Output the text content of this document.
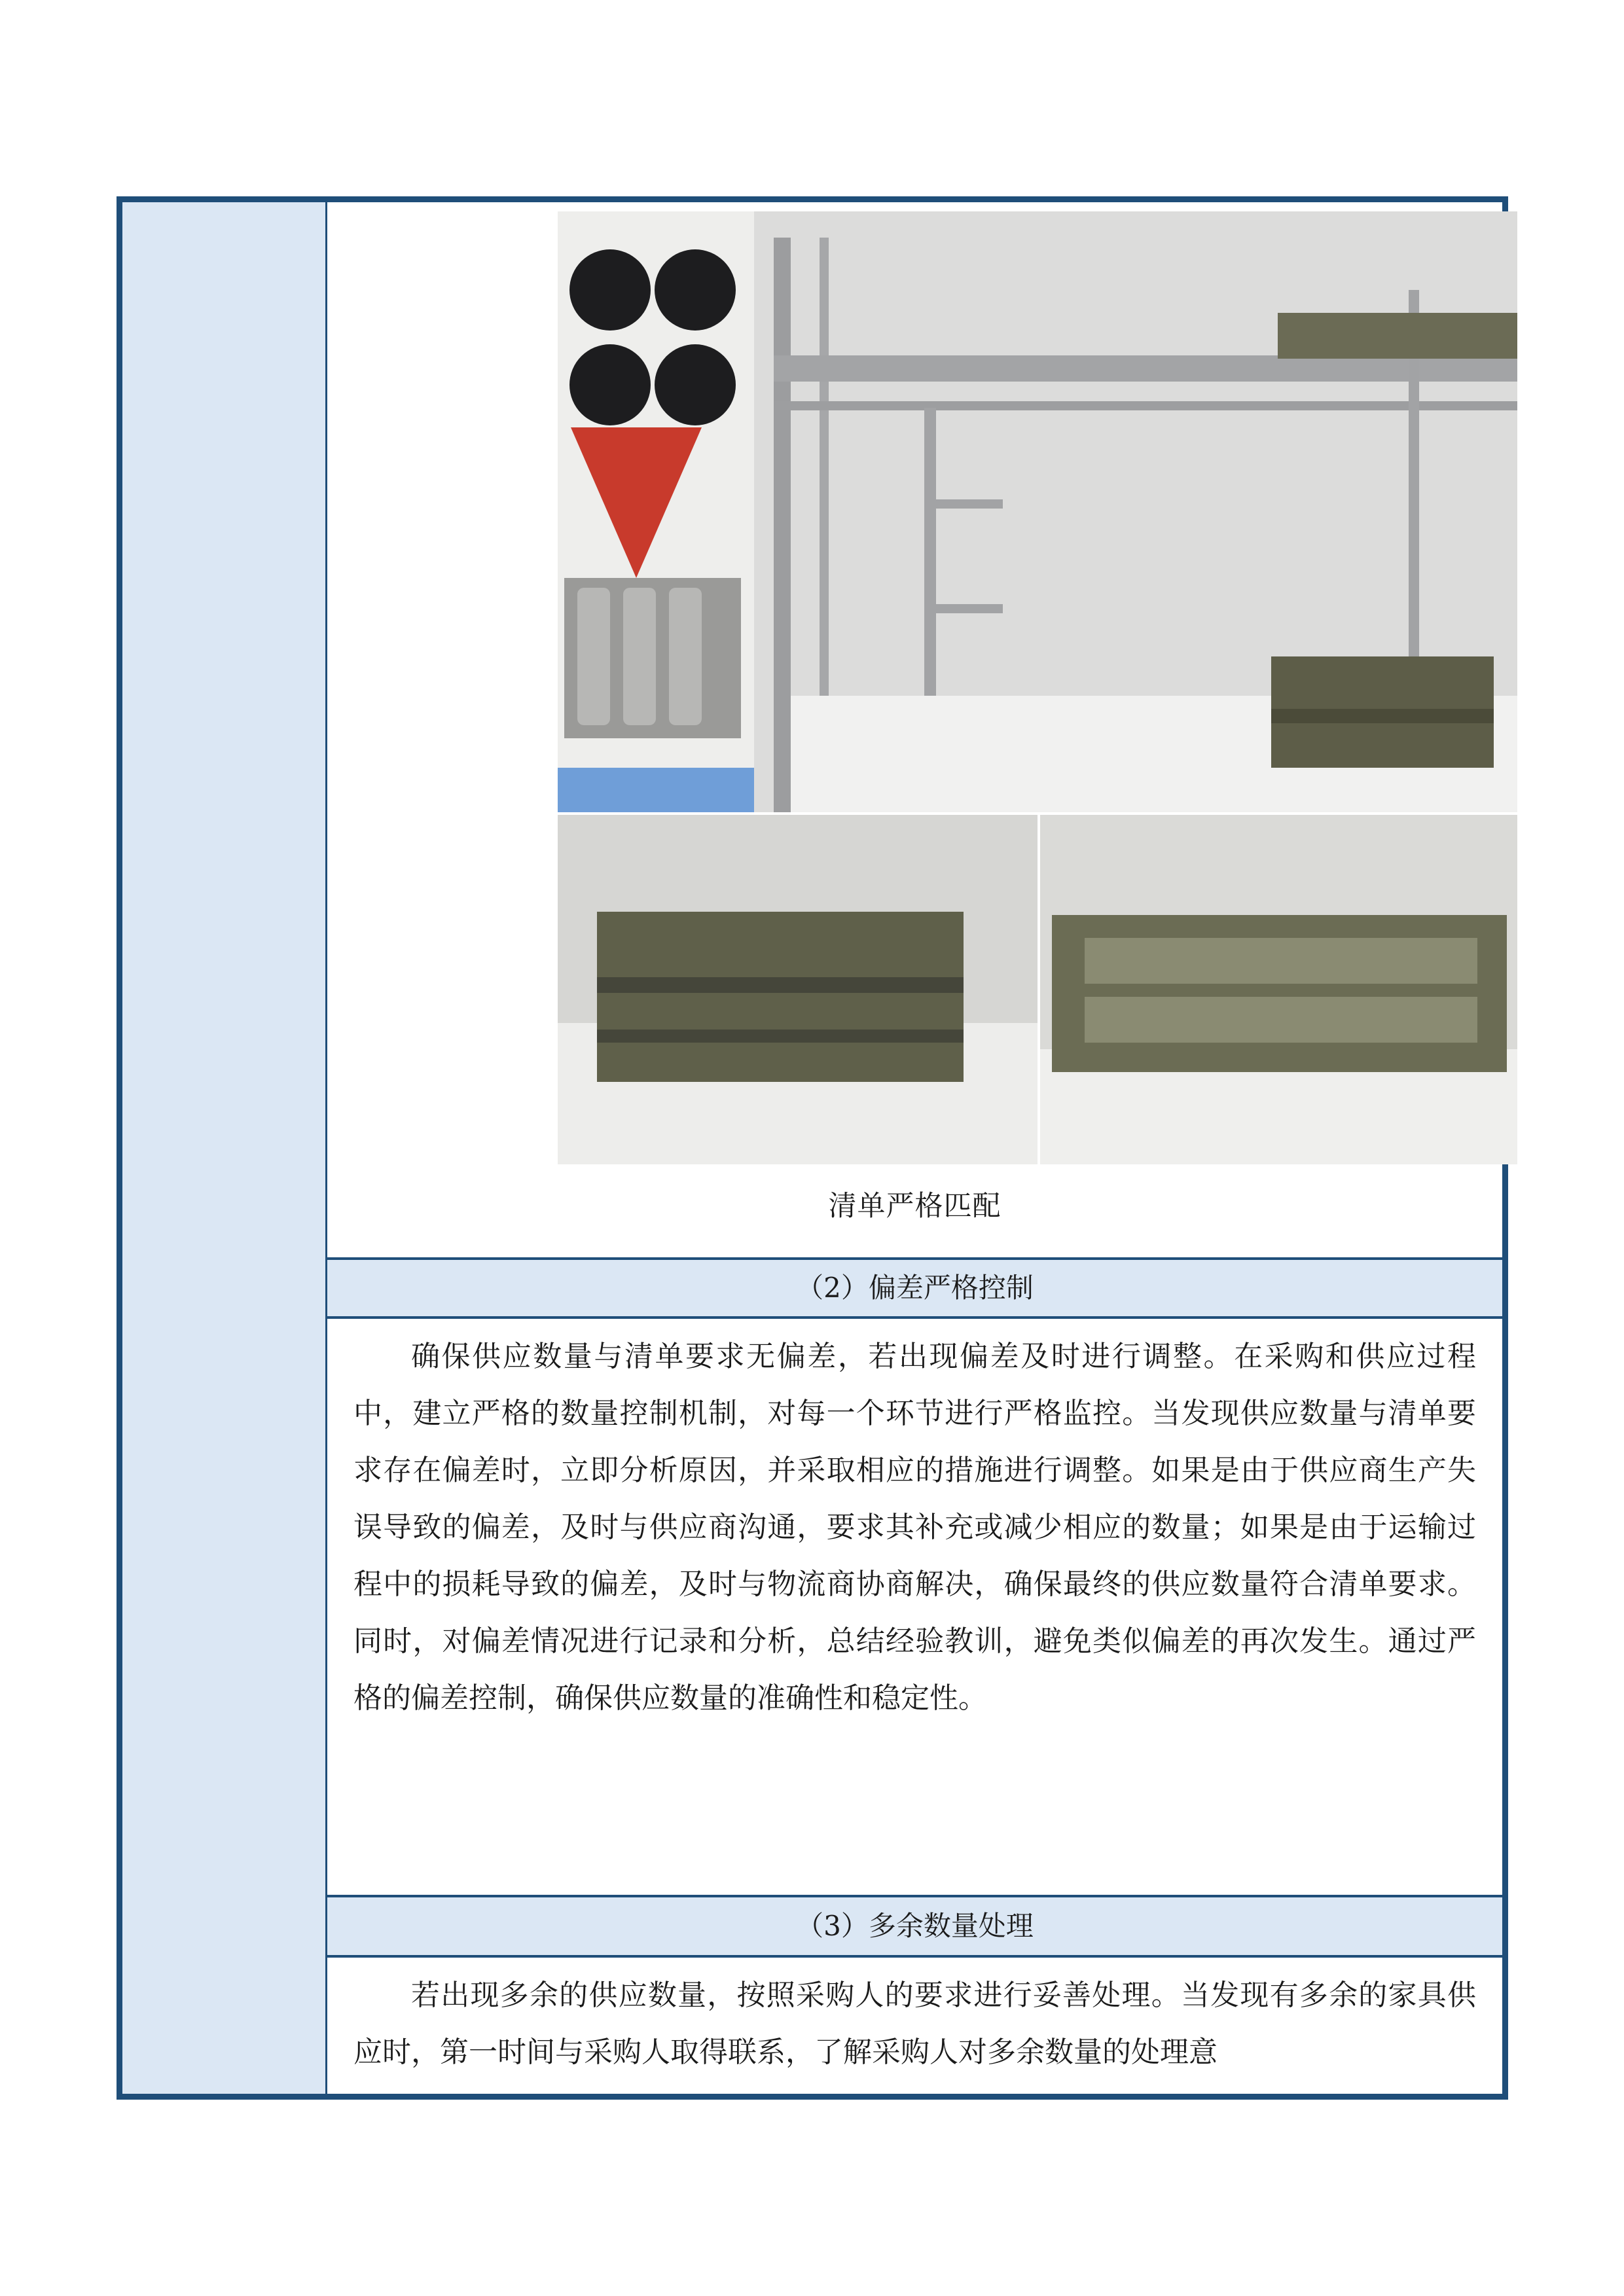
清单严格匹配
（2）偏差严格控制
确保供应数量与清单要求无偏差，若出现偏差及时进行调整。在采购和供应过程中，建立严格的数量控制机制，对每一个环节进行严格监控。当发现供应数量与清单要求存在偏差时，立即分析原因，并采取相应的措施进行调整。如果是由于供应商生产失误导致的偏差，及时与供应商沟通，要求其补充或减少相应的数量；如果是由于运输过程中的损耗导致的偏差，及时与物流商协商解决，确保最终的供应数量符合清单要求。同时，对偏差情况进行记录和分析，总结经验教训，避免类似偏差的再次发生。通过严格的偏差控制，确保供应数量的准确性和稳定性。
（3）多余数量处理
若出现多余的供应数量，按照采购人的要求进行妥善处理。当发现有多余的家具供应时，第一时间与采购人取得联系，了解采购人对多余数量的处理意
